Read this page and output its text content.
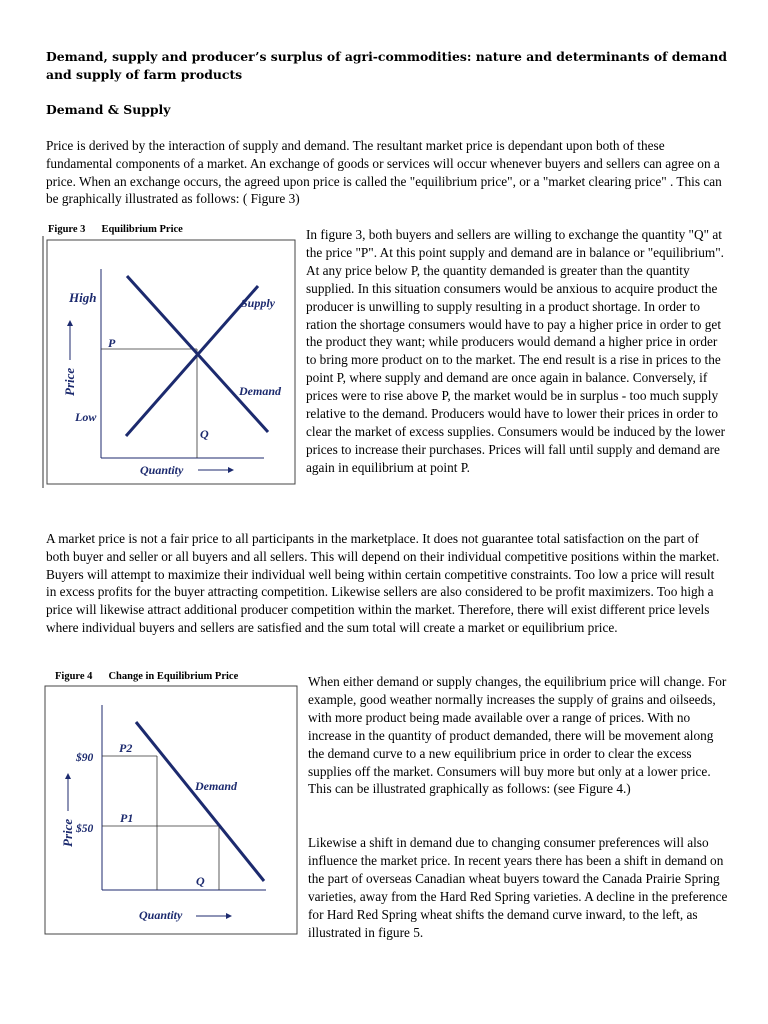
Demand, supply and producer’s surplus of agri-commodities: nature and determinants of demand and supply of farm products
Demand & Supply

Price is derived by the interaction of supply and demand. The resultant market price is dependant upon both of these fundamental components of a market. An exchange of goods or services will occur whenever buyers and sellers can agree on a price. When an exchange occurs, the agreed upon price is called the "equilibrium price", or a "market clearing price" . This can be graphically illustrated as follows: ( Figure 3)

Figure 3 Equilibrium Price
High
Low
P
Q
Supply
Demand
Quantity
Price

In figure 3, both buyers and sellers are willing to exchange the quantity "Q" at the price "P". At this point supply and demand are in balance or "equilibrium". At any price below P, the quantity demanded is greater than the quantity supplied. In this situation consumers would be anxious to acquire product the producer is unwilling to supply resulting in a product shortage. In order to ration the shortage consumers would have to pay a higher price in order to get the product they want; while producers would demand a higher price in order to bring more product on to the market. The end result is a rise in prices to the point P, where supply and demand are once again in balance. Conversely, if prices were to rise above P, the market would be in surplus - too much supply relative to the demand. Producers would have to lower their prices in order to clear the market of excess supplies. Consumers would be induced by the lower prices to increase their purchases. Prices will fall until supply and demand are again in equilibrium at point P.

A market price is not a fair price to all participants in the marketplace. It does not guarantee total satisfaction on the part of both buyer and seller or all buyers and all sellers. This will depend on their individual competitive positions within the market. Buyers will attempt to maximize their individual well being within certain competitive constraints. Too low a price will result in excess profits for the buyer attracting competition. Likewise sellers are also considered to be profit maximizers. Too high a price will likewise attract additional producer competition within the market. Therefore, there will exist different price levels where individual buyers and sellers are satisfied and the sum total will create a market or equilibrium price.

Figure 4 Change in Equilibrium Price
P2
P1
$90
$50
Demand
Q
Quantity
Price

When either demand or supply changes, the equilibrium price will change. For example, good weather normally increases the supply of grains and oilseeds, with more product being made available over a range of prices. With no increase in the quantity of product demanded, there will be movement along the demand curve to a new equilibrium price in order to clear the excess supplies off the market. Consumers will buy more but only at a lower price. This can be illustrated graphically as follows: (see Figure 4.)

Likewise a shift in demand due to changing consumer preferences will also influence the market price. In recent years there has been a shift in demand on the part of overseas Canadian wheat buyers toward the Canada Prairie Spring varieties, away from the Hard Red Spring varieties. A decline in the preference for Hard Red Spring wheat shifts the demand curve inward, to the left, as illustrated in figure 5.
